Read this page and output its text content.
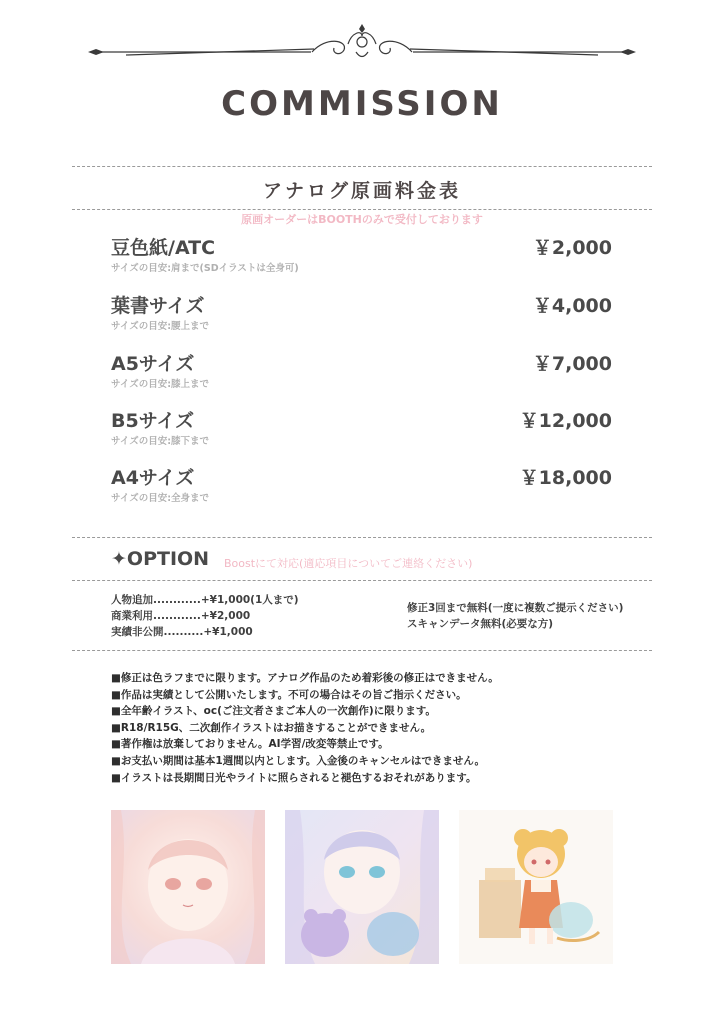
COMMISSION
アナログ原画料金表
原画オーダーはBOOTHのみで受付しております
豆色紙/ATC
サイズの目安:肩まで(SDイラストは全身可)
￥2,000
葉書サイズ
サイズの目安:腰上まで
￥4,000
A5サイズ
サイズの目安:膝上まで
￥7,000
B5サイズ
サイズの目安:膝下まで
￥12,000
A4サイズ
サイズの目安:全身まで
￥18,000
✦OPTION Boostにて対応(適応項目についてご連絡ください)
人物追加............+¥1,000(1人まで)
商業利用............+¥2,000
実績非公開..........+¥1,000
修正3回まで無料(一度に複数ご提示ください)
スキャンデータ無料(必要な方)
■修正は色ラフまでに限ります。アナログ作品のため着彩後の修正はできません。
■作品は実績として公開いたします。不可の場合はその旨ご指示ください。
■全年齢イラスト、oc(ご注文者さまご本人の一次創作)に限ります。
■R18/R15G、二次創作イラストはお描きすることができません。
■著作権は放棄しておりません。AI学習/改変等禁止です。
■お支払い期間は基本1週間以内とします。入金後のキャンセルはできません。
■イラストは長期間日光やライトに照らされると褪色するおそれがあります。
